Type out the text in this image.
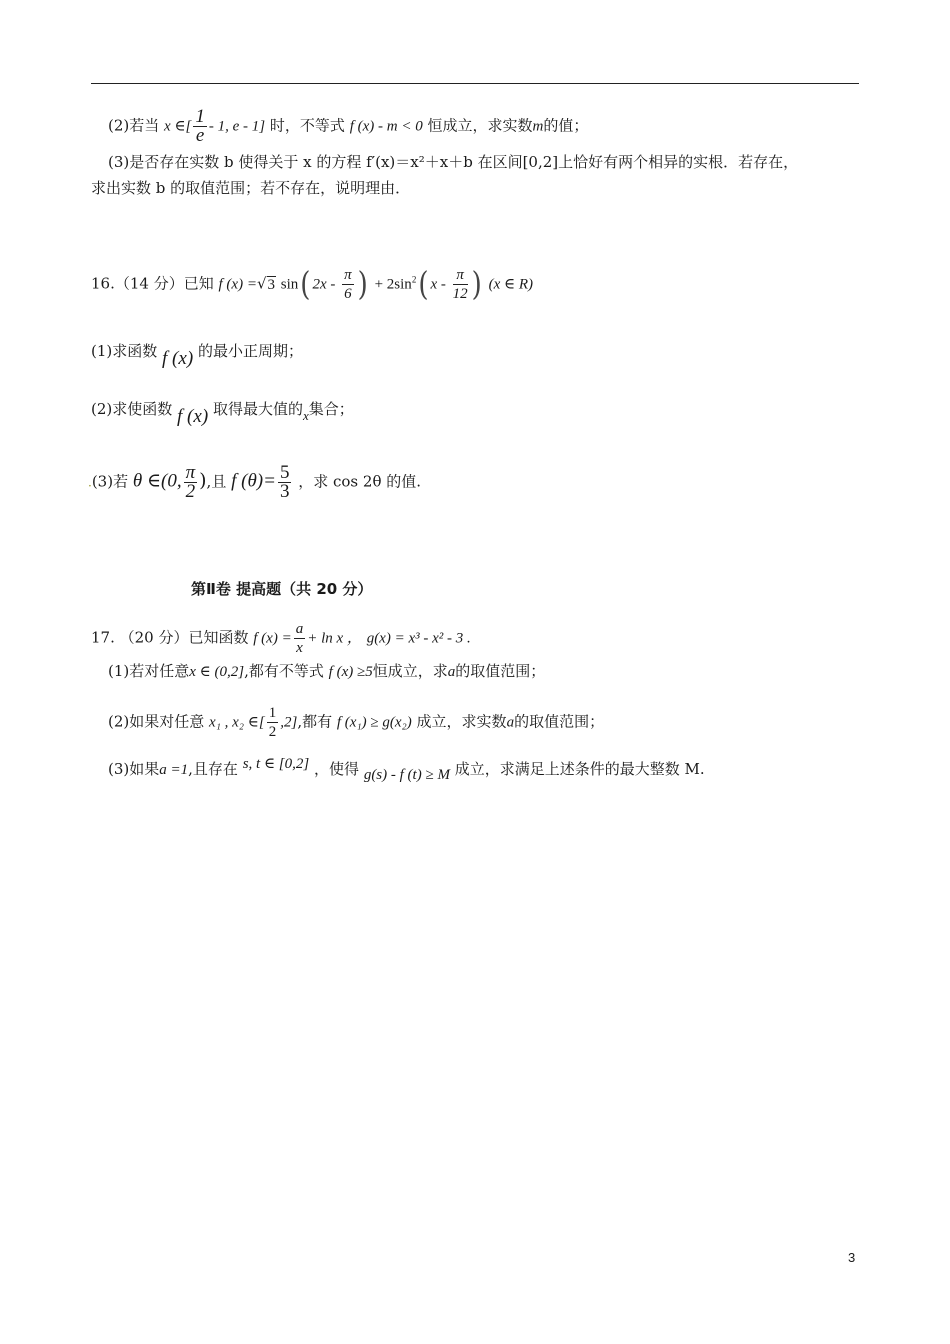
(2)若当 x ∈[ $\frac{1}{e} - 1$, e - 1] 时，不等式 f (x) - m < 0 恒成立，求实数m的值；
(3)是否存在实数 b 使得关于 x 的方程 f′(x)＝x²＋x＋b 在区间[0,2]上恰好有两个相异的实根．若存在，
求出实数 b 的取值范围；若不存在，说明理由．
16.（14 分）已知 f (x) =√3 sin( $2x - \frac{\pi}{6}$ ) + $2\sin^2$( x - $\frac{\pi}{12}$ ) (x ∈ R)
(1)求函数 f (x) 的最小正周期；
(2)求使函数 f (x) 取得最大值的x集合；
.(3)若 θ ∈(0, $\frac{\pi}{2}$ ),且 f $(\theta)= \frac{5}{3}$ ，求 cos 2θ 的值.
第Ⅱ卷 提高题（共 20 分）
17. （20 分）已知函数 f $(x) = \frac{a}{x} + \ln x$ ， g(x) = x³ - x² - 3 .
(1)若对任意x ∈ (0,2],都有不等式 f (x) ≥5恒成立，求a的取值范围；
(2)如果对任意 x₁ , x₂ ∈[ $\frac{1}{2} ,2$],都有 f (x₁) ≥ g(x₂) 成立，求实数a的取值范围；
(3)如果a =1,且存在 s, t ∈ [0,2] ，使得 g(s) - f (t) ≥ M 成立，求满足上述条件的最大整数 M.
3
